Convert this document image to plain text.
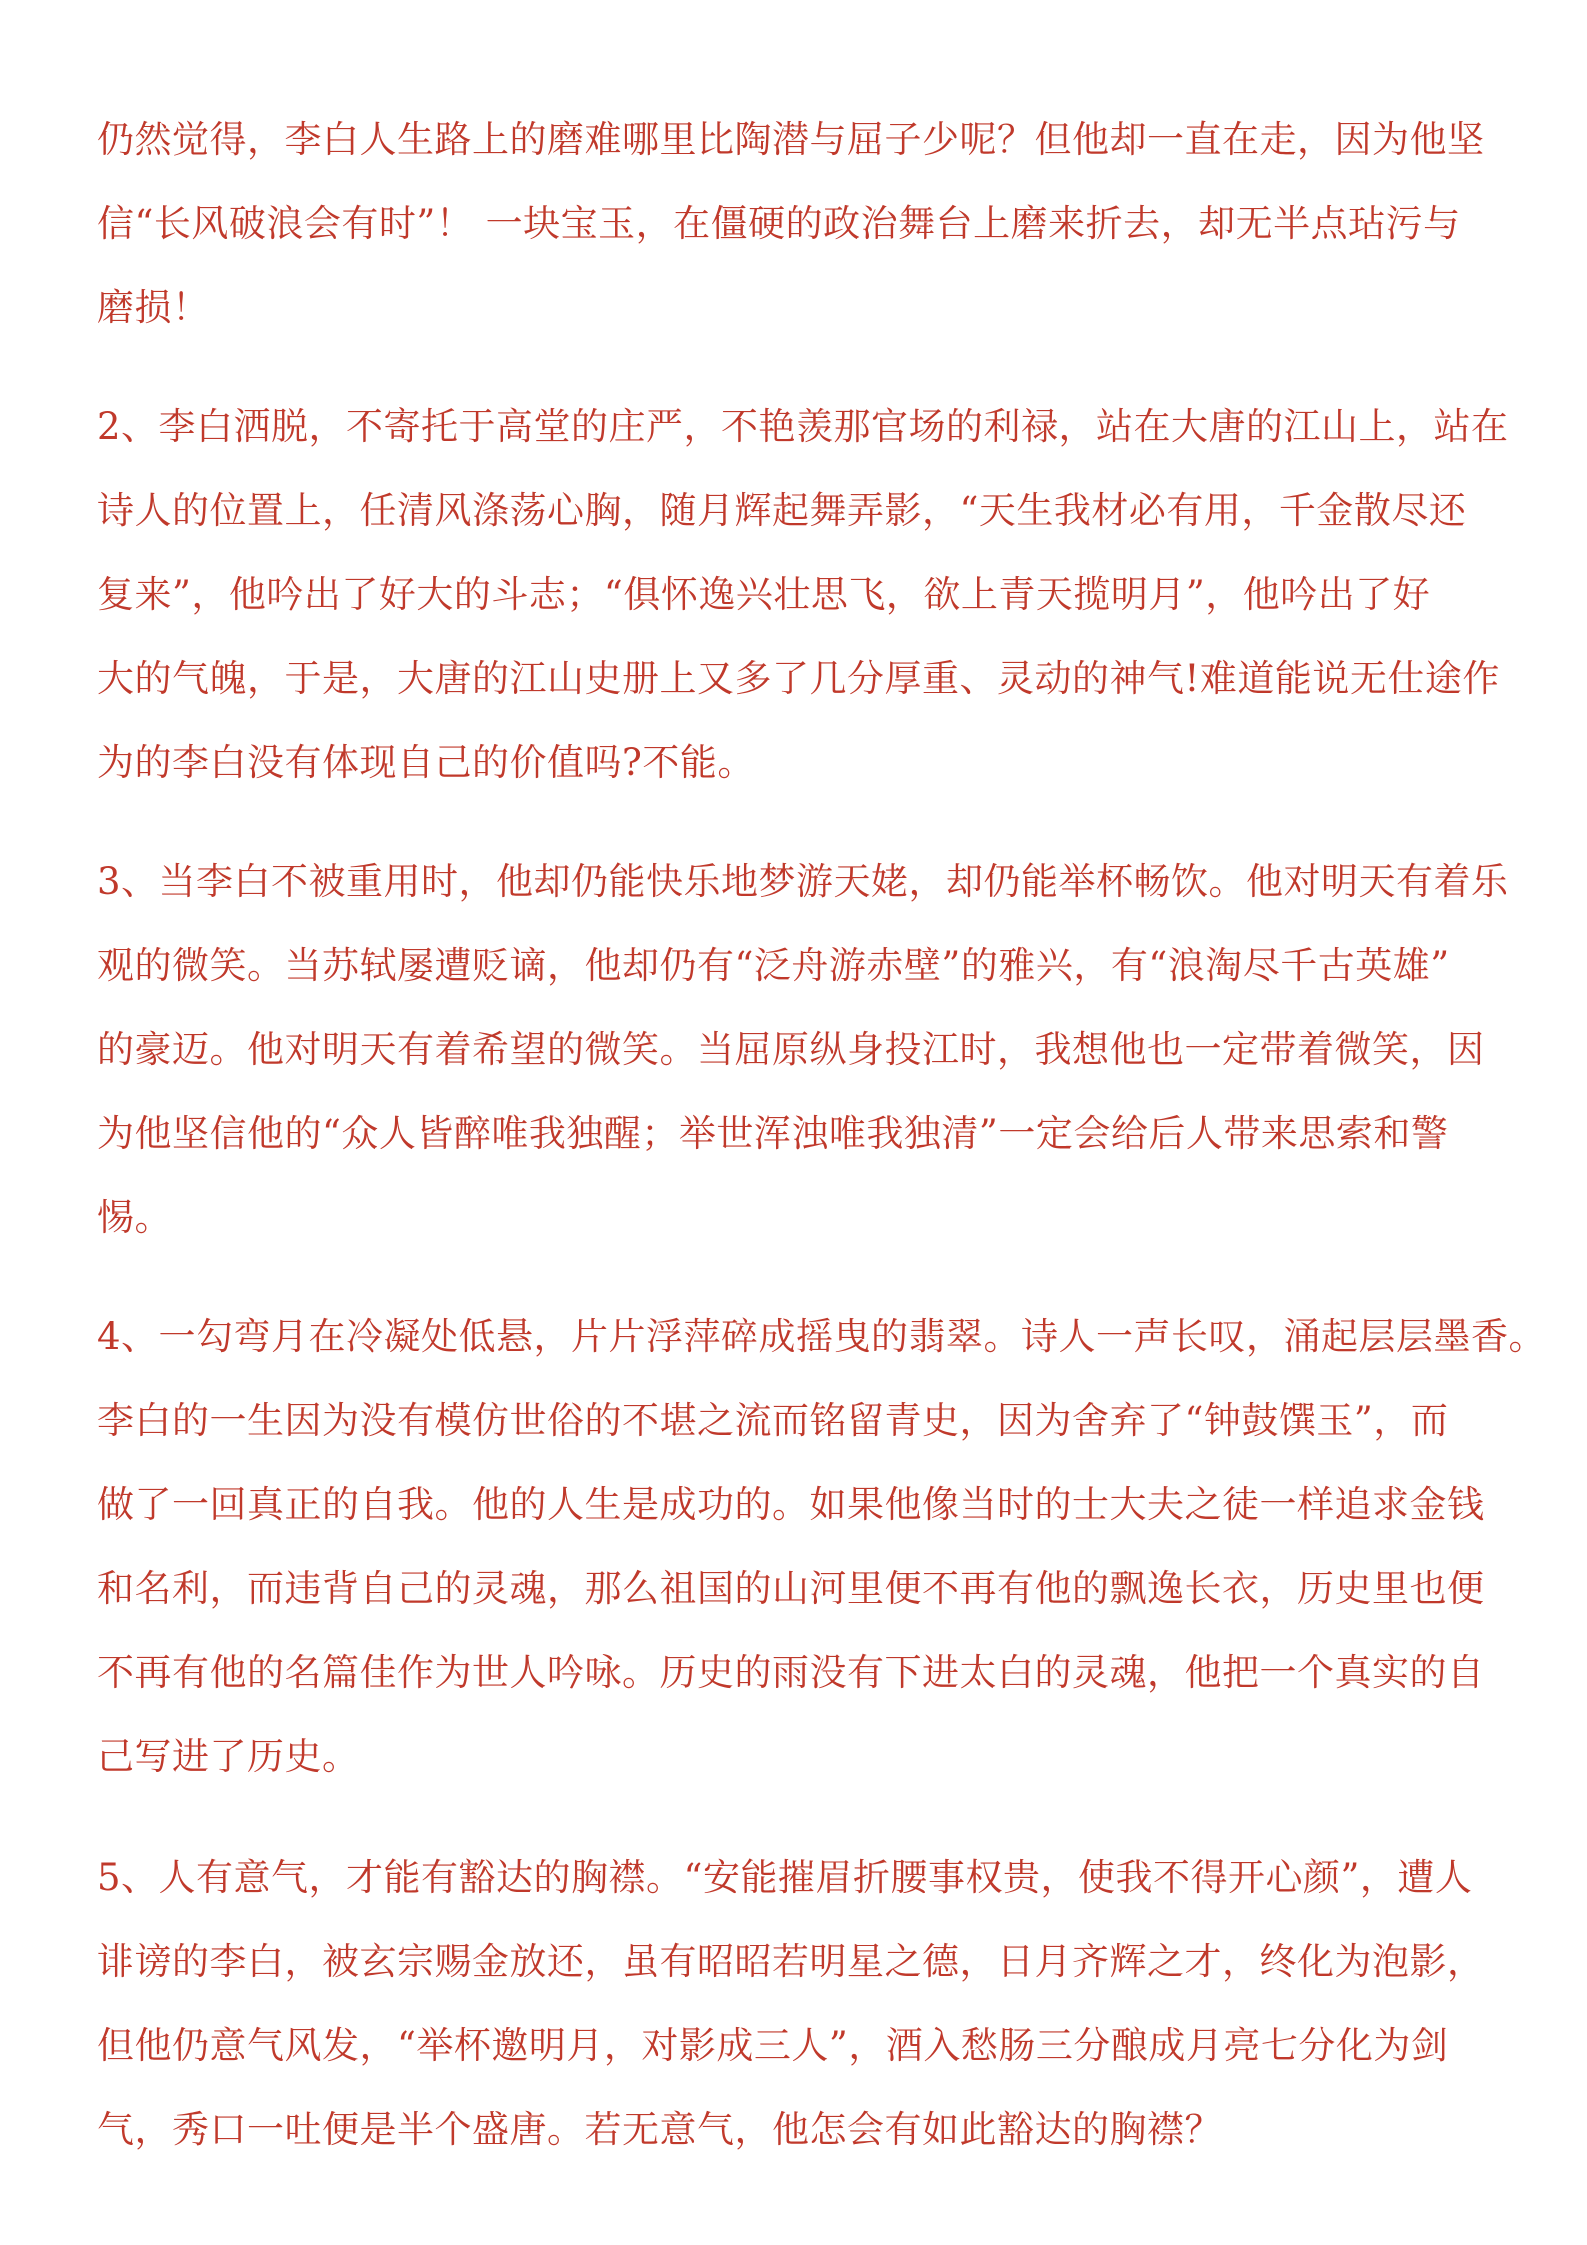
仍然觉得，李白人生路上的磨难哪里比陶潜与屈子少呢？但他却一直在走，因为他坚
信“长风破浪会有时”！ 一块宝玉，在僵硬的政治舞台上磨来折去，却无半点玷污与
磨损！
2、李白洒脱，不寄托于高堂的庄严，不艳羡那官场的利禄，站在大唐的江山上，站在
诗人的位置上，任清风涤荡心胸，随月辉起舞弄影，“天生我材必有用，千金散尽还
复来”，他吟出了好大的斗志；“俱怀逸兴壮思飞，欲上青天揽明月”，他吟出了好
大的气魄，于是，大唐的江山史册上又多了几分厚重、灵动的神气!难道能说无仕途作
为的李白没有体现自己的价值吗?不能。
3、当李白不被重用时，他却仍能快乐地梦游天姥，却仍能举杯畅饮。他对明天有着乐
观的微笑。当苏轼屡遭贬谪，他却仍有“泛舟游赤壁”的雅兴，有“浪淘尽千古英雄”
的豪迈。他对明天有着希望的微笑。当屈原纵身投江时，我想他也一定带着微笑，因
为他坚信他的“众人皆醉唯我独醒；举世浑浊唯我独清”一定会给后人带来思索和警
惕。
4、一勾弯月在冷凝处低悬，片片浮萍碎成摇曳的翡翠。诗人一声长叹，涌起层层墨香。
李白的一生因为没有模仿世俗的不堪之流而铭留青史，因为舍弃了“钟鼓馔玉”，而
做了一回真正的自我。他的人生是成功的。如果他像当时的士大夫之徒一样追求金钱
和名利，而违背自己的灵魂，那么祖国的山河里便不再有他的飘逸长衣，历史里也便
不再有他的名篇佳作为世人吟咏。历史的雨没有下进太白的灵魂，他把一个真实的自
己写进了历史。
5、人有意气，才能有豁达的胸襟。“安能摧眉折腰事权贵，使我不得开心颜”，遭人
诽谤的李白，被玄宗赐金放还，虽有昭昭若明星之德，日月齐辉之才，终化为泡影，
但他仍意气风发，“举杯邀明月，对影成三人”，酒入愁肠三分酿成月亮七分化为剑
气，秀口一吐便是半个盛唐。若无意气，他怎会有如此豁达的胸襟？
